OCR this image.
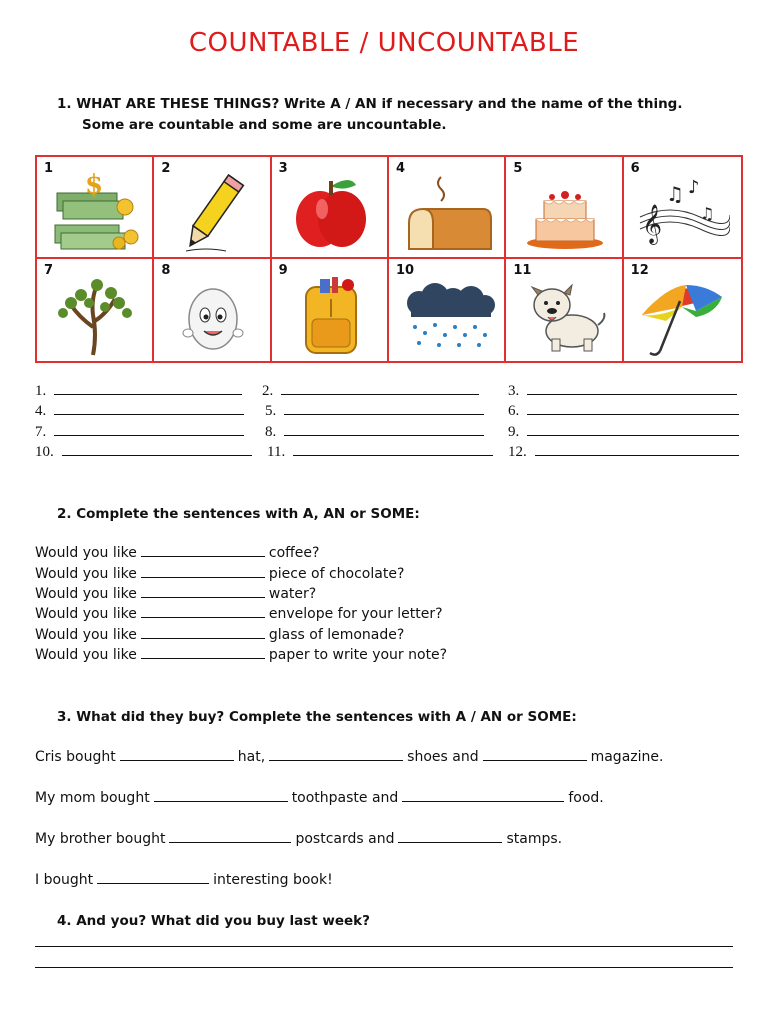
COUNTABLE / UNCOUNTABLE
1. WHAT ARE THESE THINGS? Write A / AN if necessary and the name of the thing.
Some are countable and some are uncountable.
1
$
2	3	4	5	6
𝄞
♫ ♪
♫
7	8	9	10	11	12
1.	2.	3.
4.	5.	6.
7.	8.	9.
10.	11.	12.
2. Complete the sentences with A, AN or SOME:
Would you like	coffee?
Would you like	piece of chocolate?
Would you like	water?
Would you like	envelope for your letter?
Would you like	glass of lemonade?
Would you like	paper to write your note?
3. What did they buy? Complete the sentences with A / AN or SOME:
Cris bought	hat,	shoes and	magazine.
My mom bought	toothpaste and	food.
My brother bought	postcards and	stamps.
I bought	interesting book!
4. And you? What did you buy last week?
